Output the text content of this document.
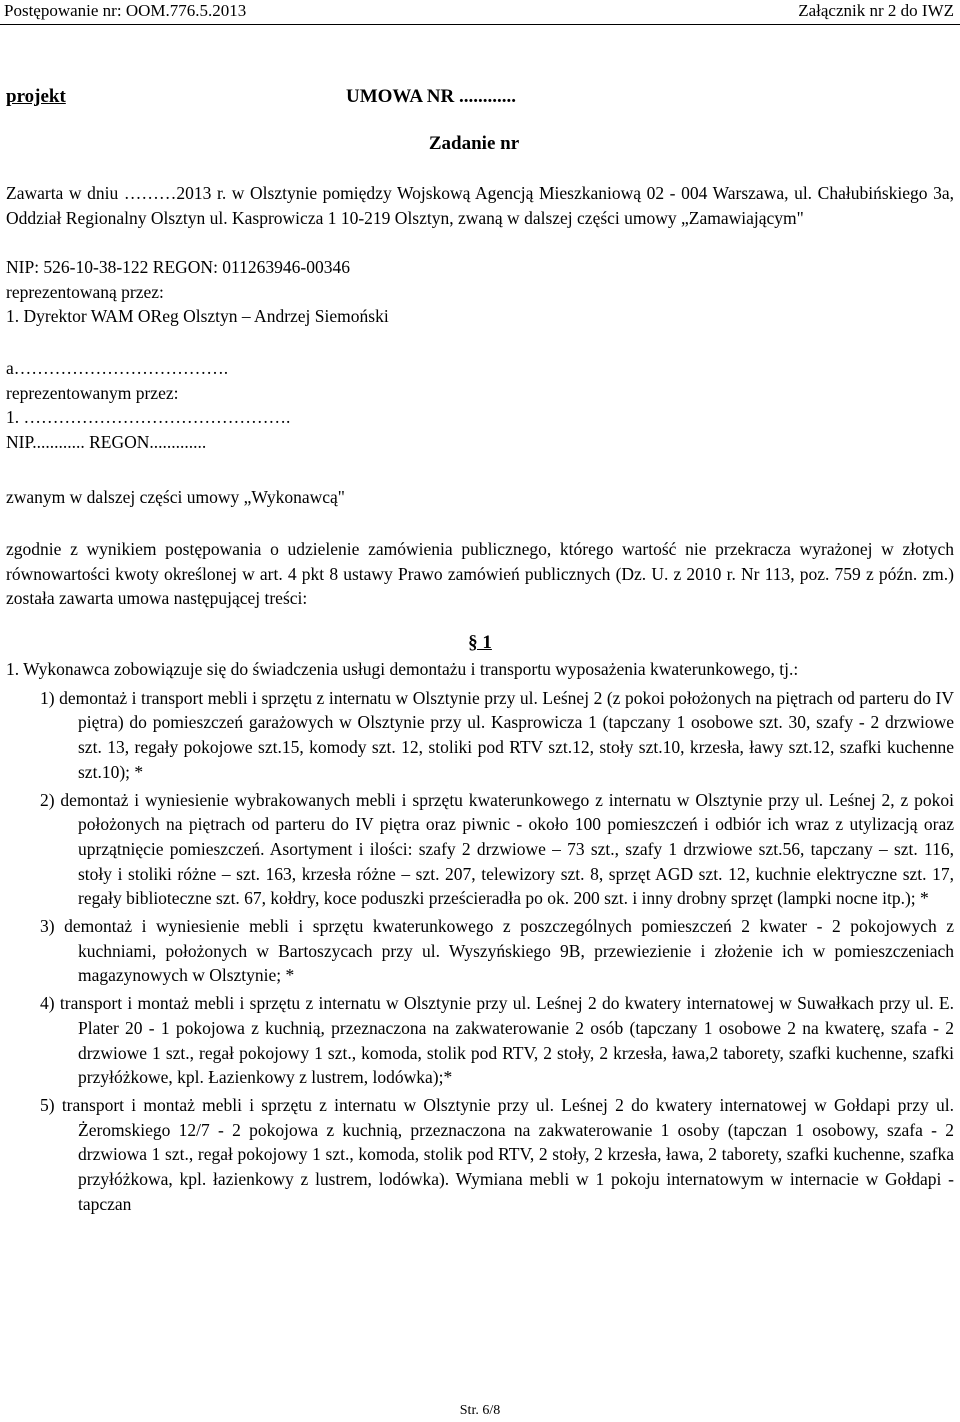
Postępowanie nr: OOM.776.5.2013	Załącznik nr 2 do IWZ
projekt	UMOWA NR ............
Zadanie nr

Zawarta w dniu ………2013 r. w Olsztynie pomiędzy Wojskową Agencją Mieszkaniową 02 - 004 Warszawa, ul. Chałubińskiego 3a, Oddział Regionalny Olsztyn ul. Kasprowicza 1 10-219 Olsztyn, zwaną w dalszej części umowy „Zamawiającym"

NIP: 526-10-38-122 REGON: 011263946-00346

reprezentowaną przez:

1. Dyrektor WAM OReg Olsztyn – Andrzej Siemoński

a……………………………….

reprezentowanym przez:

1. ……………………………………….

NIP............ REGON.............

zwanym w dalszej części umowy „Wykonawcą"

zgodnie z wynikiem postępowania o udzielenie zamówienia publicznego, którego wartość nie przekracza wyrażonej w złotych równowartości kwoty określonej w art. 4 pkt 8 ustawy Prawo zamówień publicznych (Dz. U. z 2010 r. Nr 113, poz. 759 z późn. zm.) została zawarta umowa następującej treści:

§ 1

1. Wykonawca zobowiązuje się do świadczenia usługi demontażu i transportu wyposażenia kwaterunkowego, tj.:

1) demontaż i transport mebli i sprzętu z internatu w Olsztynie przy ul. Leśnej 2 (z pokoi położonych na piętrach od parteru do IV piętra) do pomieszczeń garażowych w Olsztynie przy ul. Kasprowicza 1 (tapczany 1 osobowe szt. 30, szafy - 2 drzwiowe szt. 13, regały pokojowe szt.15, komody szt. 12, stoliki pod RTV szt.12, stoły szt.10, krzesła, ławy szt.12, szafki kuchenne szt.10); *

2) demontaż i wyniesienie wybrakowanych mebli i sprzętu kwaterunkowego z internatu w Olsztynie przy ul. Leśnej 2, z pokoi położonych na piętrach od parteru do IV piętra oraz piwnic - około 100 pomieszczeń i odbiór ich wraz z utylizacją oraz uprzątnięcie pomieszczeń. Asortyment i ilości: szafy 2 drzwiowe – 73 szt., szafy 1 drzwiowe szt.56, tapczany – szt. 116, stoły i stoliki różne – szt. 163, krzesła różne – szt. 207, telewizory szt. 8, sprzęt AGD szt. 12, kuchnie elektryczne szt. 17, regały biblioteczne szt. 67, kołdry, koce poduszki prześcieradła po ok. 200 szt. i inny drobny sprzęt (lampki nocne itp.); *

3) demontaż i wyniesienie mebli i sprzętu kwaterunkowego z poszczególnych pomieszczeń 2 kwater - 2 pokojowych z kuchniami, położonych w Bartoszycach przy ul. Wyszyńskiego 9B, przewiezienie i złożenie ich w pomieszczeniach magazynowych w Olsztynie; *

4) transport i montaż mebli i sprzętu z internatu w Olsztynie przy ul. Leśnej 2 do kwatery internatowej w Suwałkach przy ul. E. Plater 20 - 1 pokojowa z kuchnią, przeznaczona na zakwaterowanie 2 osób (tapczany 1 osobowe 2 na kwaterę, szafa - 2 drzwiowe 1 szt., regał pokojowy 1 szt., komoda, stolik pod RTV, 2 stoły, 2 krzesła, ława,2 taborety, szafki kuchenne, szafki przyłóżkowe, kpl. Łazienkowy z lustrem, lodówka);*

5) transport i montaż mebli i sprzętu z internatu w Olsztynie przy ul. Leśnej 2 do kwatery internatowej w Gołdapi przy ul. Żeromskiego 12/7 - 2 pokojowa z kuchnią, przeznaczona na zakwaterowanie 1 osoby (tapczan 1 osobowy, szafa - 2 drzwiowa 1 szt., regał pokojowy 1 szt., komoda, stolik pod RTV, 2 stoły, 2 krzesła, ława, 2 taborety, szafki kuchenne, szafka przyłóżkowa, kpl. łazienkowy z lustrem, lodówka). Wymiana mebli w 1 pokoju internatowym w internacie w Gołdapi - tapczan

Str. 6/8
